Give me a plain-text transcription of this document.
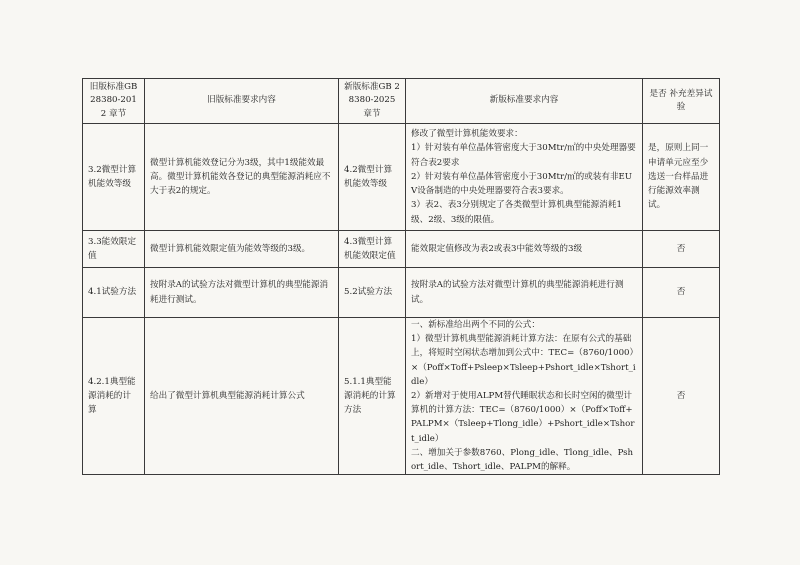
旧版标准GB 28380-2012 章节	旧版标准要求内容	新版标准GB 28380-2025 章节	新版标准要求内容	是否 补充差异试验
3.2微型计算机能效等级	微型计算机能效登记分为3级，其中1级能效最高。微型计算机能效各登记的典型能源消耗应不大于表2的规定。	4.2微型计算机能效等级	修改了微型计算机能效要求：
1）针对装有单位晶体管密度大于30Mtr/㎡的中央处理器要符合表2要求
2）针对装有单位晶体管密度小于30Mtr/㎡的或装有非EUV设备制造的中央处理器要符合表3要求。
3）表2、表3分别规定了各类微型计算机典型能源消耗1级、2级、3级的限值。	是，原则上同一申请单元应至少选送一台样品进行能源效率测试。
3.3能效限定值	微型计算机能效限定值为能效等级的3级。	4.3微型计算机能效限定值	能效限定值修改为表2或表3中能效等级的3级	否
4.1试验方法	按附录A的试验方法对微型计算机的典型能源消耗进行测试。	5.2试验方法	按附录A的试验方法对微型计算机的典型能源消耗进行测试。	否
4.2.1典型能源消耗的计算	给出了微型计算机典型能源消耗计算公式	5.1.1典型能源消耗的计算方法	一、新标准给出两个不同的公式：
1）微型计算机典型能源消耗计算方法：在原有公式的基础上，将短时空闲状态增加到公式中：TEC=（8760/1000）×（Poff×Toff+Psleep×Tsleep+Pshort_idle×Tshort_idle）
2）新增对于使用ALPM替代睡眠状态和长时空闲的微型计算机的计算方法：TEC=（8760/1000）×（Poff×Toff+PALPM×（Tsleep+Tlong_idle）+Pshort_idle×Tshort_idle）
二、增加关于参数8760、Plong_idle、Tlong_idle、Pshort_idle、Tshort_idle、PALPM的解释。	否
